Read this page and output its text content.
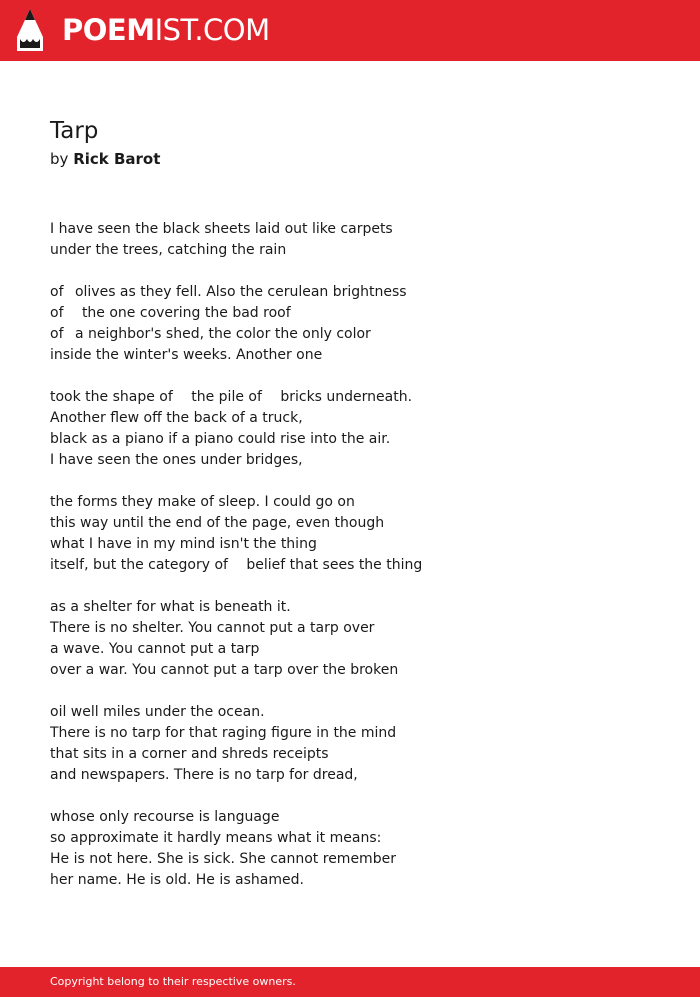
POEMIST.COM
Tarp
by Rick Barot
I have seen the black sheets laid out like carpets
under the trees, catching the rain
of  olives as they fell. Also the cerulean brightness
of   the one covering the bad roof
of  a neighbor's shed, the color the only color
inside the winter's weeks. Another one
took the shape of   the pile of   bricks underneath.
Another flew off the back of a truck,
black as a piano if a piano could rise into the air.
I have seen the ones under bridges,
the forms they make of sleep. I could go on
this way until the end of the page, even though
what I have in my mind isn't the thing
itself, but the category of   belief that sees the thing
as a shelter for what is beneath it.
There is no shelter. You cannot put a tarp over
a wave. You cannot put a tarp
over a war. You cannot put a tarp over the broken
oil well miles under the ocean.
There is no tarp for that raging figure in the mind
that sits in a corner and shreds receipts
and newspapers. There is no tarp for dread,
whose only recourse is language
so approximate it hardly means what it means:
He is not here. She is sick. She cannot remember
her name. He is old. He is ashamed.
Copyright belong to their respective owners.
